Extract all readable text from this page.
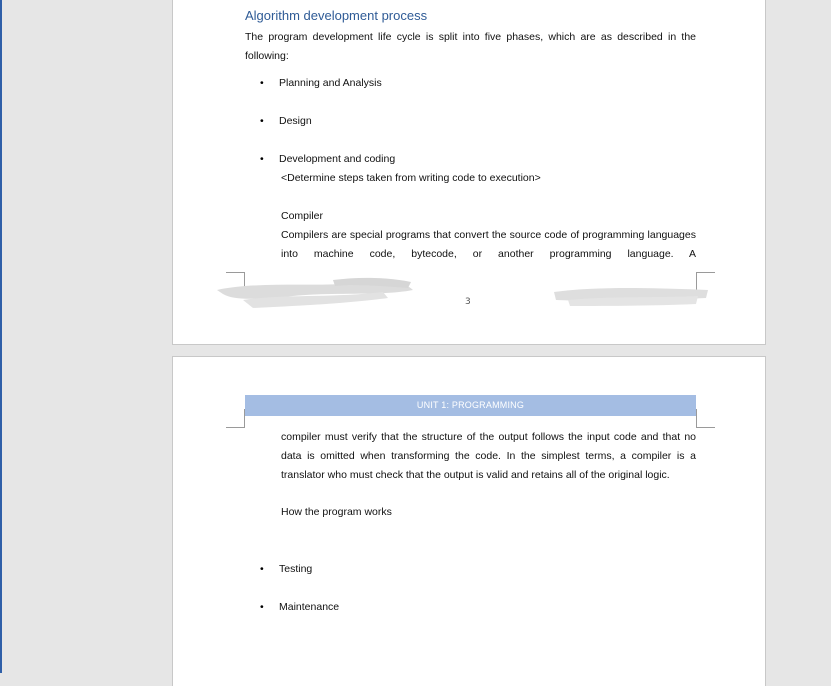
Algorithm development process
The program development life cycle is split into five phases, which are as described in the following:
• Planning and Analysis
• Design
• Development and coding
<Determine steps taken from writing code to execution>
Compiler
Compilers are special programs that convert the source code of programming languages into machine code, bytecode, or another programming language. A
3
UNIT 1: PROGRAMMING
compiler must verify that the structure of the output follows the input code and that no data is omitted when transforming the code. In the simplest terms, a compiler is a translator who must check that the output is valid and retains all of the original logic.
How the program works
• Testing
• Maintenance
